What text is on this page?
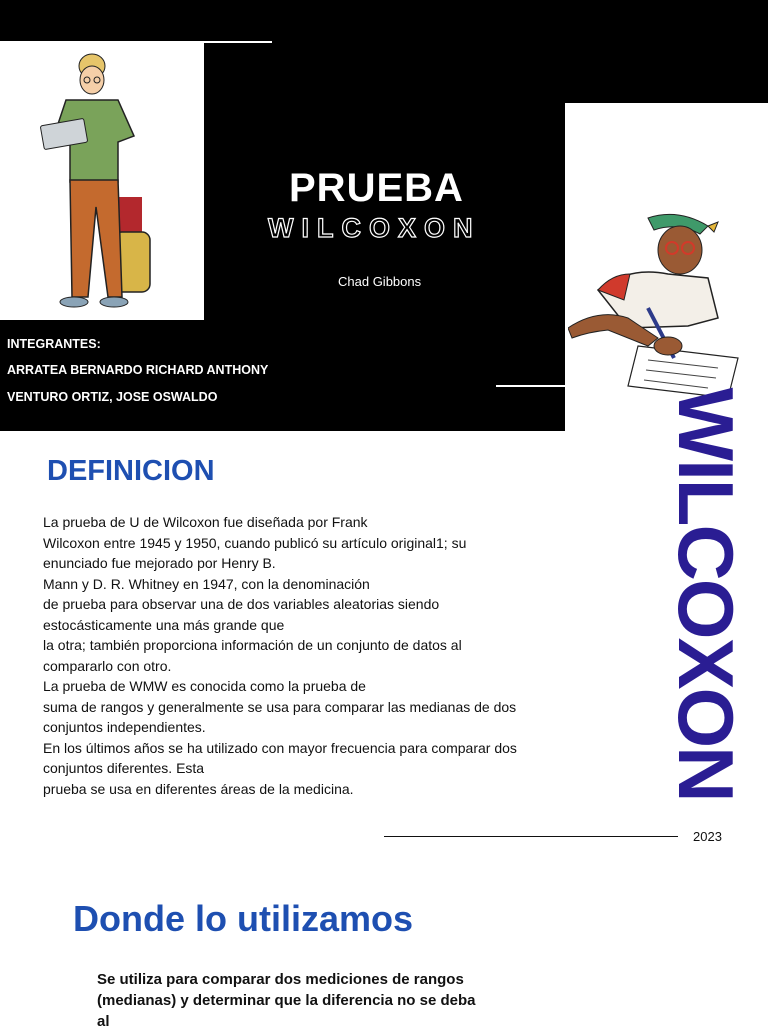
PRUEBA
WILCOXON
Chad Gibbons
INTEGRANTES:
ARRATEA BERNARDO RICHARD ANTHONY
VENTURO ORTIZ, JOSE OSWALDO
DEFINICION
La prueba de U de Wilcoxon fue diseñada por Frank
Wilcoxon entre 1945 y 1950, cuando publicó su artículo original1; su
enunciado fue mejorado por Henry B.
Mann y D. R. Whitney en 1947, con la denominación
de prueba para observar una de dos variables aleatorias siendo
estocásticamente una más grande que
la otra; también proporciona información de un conjunto de datos al
compararlo con otro.
La prueba de WMW es conocida como la prueba de
suma de rangos y generalmente se usa para comparar las medianas de dos
conjuntos independientes.
En los últimos años se ha utilizado con mayor frecuencia para comparar dos
conjuntos diferentes. Esta
prueba se usa en diferentes áreas de la medicina.	WILCOXON
2023
Donde lo utilizamos
Se utiliza para comparar dos mediciones de rangos
(medianas) y determinar que la diferencia no se deba
al
